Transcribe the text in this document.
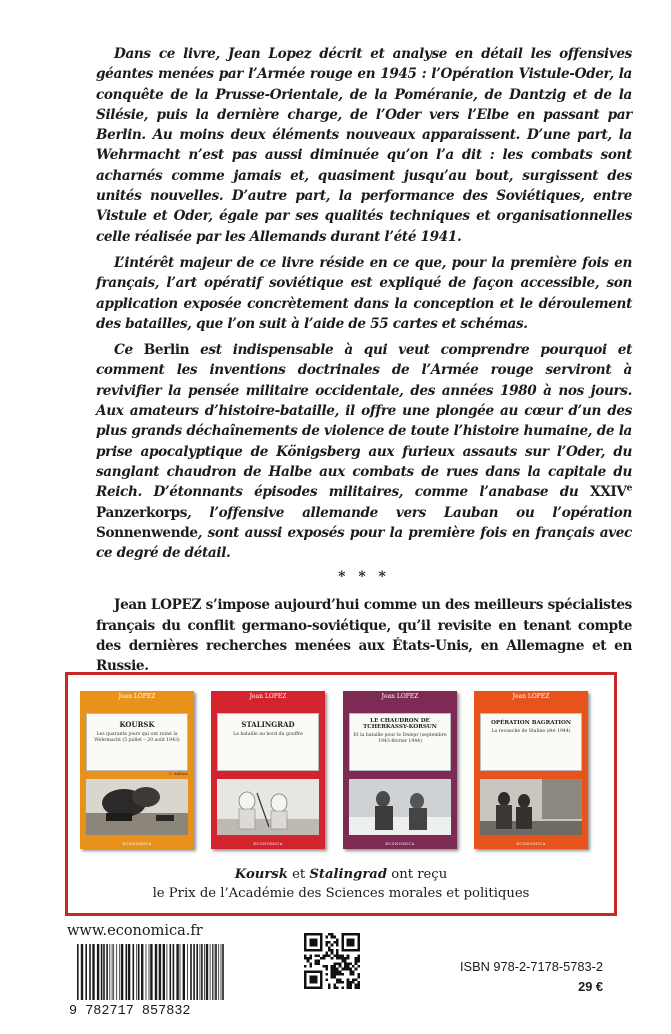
Dans ce livre, Jean Lopez décrit et analyse en détail les offensives géantes menées par l’Armée rouge en 1945 : l’Opération Vistule-Oder, la conquête de la Prusse-Orientale, de la Poméranie, de Dantzig et de la Silésie, puis la dernière charge, de l’Oder vers l’Elbe en passant par Berlin. Au moins deux éléments nouveaux apparaissent. D’une part, la Wehrmacht n’est pas aussi diminuée qu’on l’a dit : les combats sont acharnés comme jamais et, quasiment jusqu’au bout, surgissent des unités nouvelles. D’autre part, la performance des Soviétiques, entre Vistule et Oder, égale par ses qualités techniques et organisationnelles celle réalisée par les Allemands durant l’été 1941.

L’intérêt majeur de ce livre réside en ce que, pour la première fois en français, l’art opératif soviétique est expliqué de façon accessible, son application exposée concrètement dans la conception et le déroulement des batailles, que l’on suit à l’aide de 55 cartes et schémas.

Ce Berlin est indispensable à qui veut comprendre pourquoi et comment les inventions doctrinales de l’Armée rouge serviront à revivifier la pensée militaire occidentale, des années 1980 à nos jours. Aux amateurs d’histoire-bataille, il offre une plongée au cœur d’un des plus grands déchaînements de violence de toute l’histoire humaine, de la prise apocalyptique de Königsberg aux furieux assauts sur l’Oder, du sanglant chaudron de Halbe aux combats de rues dans la capitale du Reich. D’étonnants épisodes militaires, comme l’anabase du XXIVe Panzerkorps, l’offensive allemande vers Lauban ou l’opération Sonnenwende, sont aussi exposés pour la première fois en français avec ce degré de détail.

* * *

Jean LOPEZ s’impose aujourd’hui comme un des meilleurs spécialistes français du conflit germano-soviétique, qu’il revisite en tenant compte des dernières recherches menées aux États-Unis, en Allemagne et en Russie.

Jean LOPEZ
KOURSK
Les quarante jours qui ont ruiné la Wehrmacht (5 juillet – 20 août 1943)
2ᵉ édition
ECONOMICA
Jean LOPEZ
STALINGRAD
La bataille au bord du gouffre
ECONOMICA
Jean LOPEZ
LE CHAUDRON DE TCHERKASSY-KORSUN
Et la bataille pour le Dniepr (septembre 1943-février 1944)
ECONOMICA
Jean LOPEZ
OPÉRATION BAGRATION
La revanche de Staline (été 1944)
ECONOMICA
Koursk et Stalingrad ont reçu
le Prix de l’Académie des Sciences morales et politiques
www.economica.fr
9 782717 857832
ISBN 978-2-7178-5783-2
29 €
